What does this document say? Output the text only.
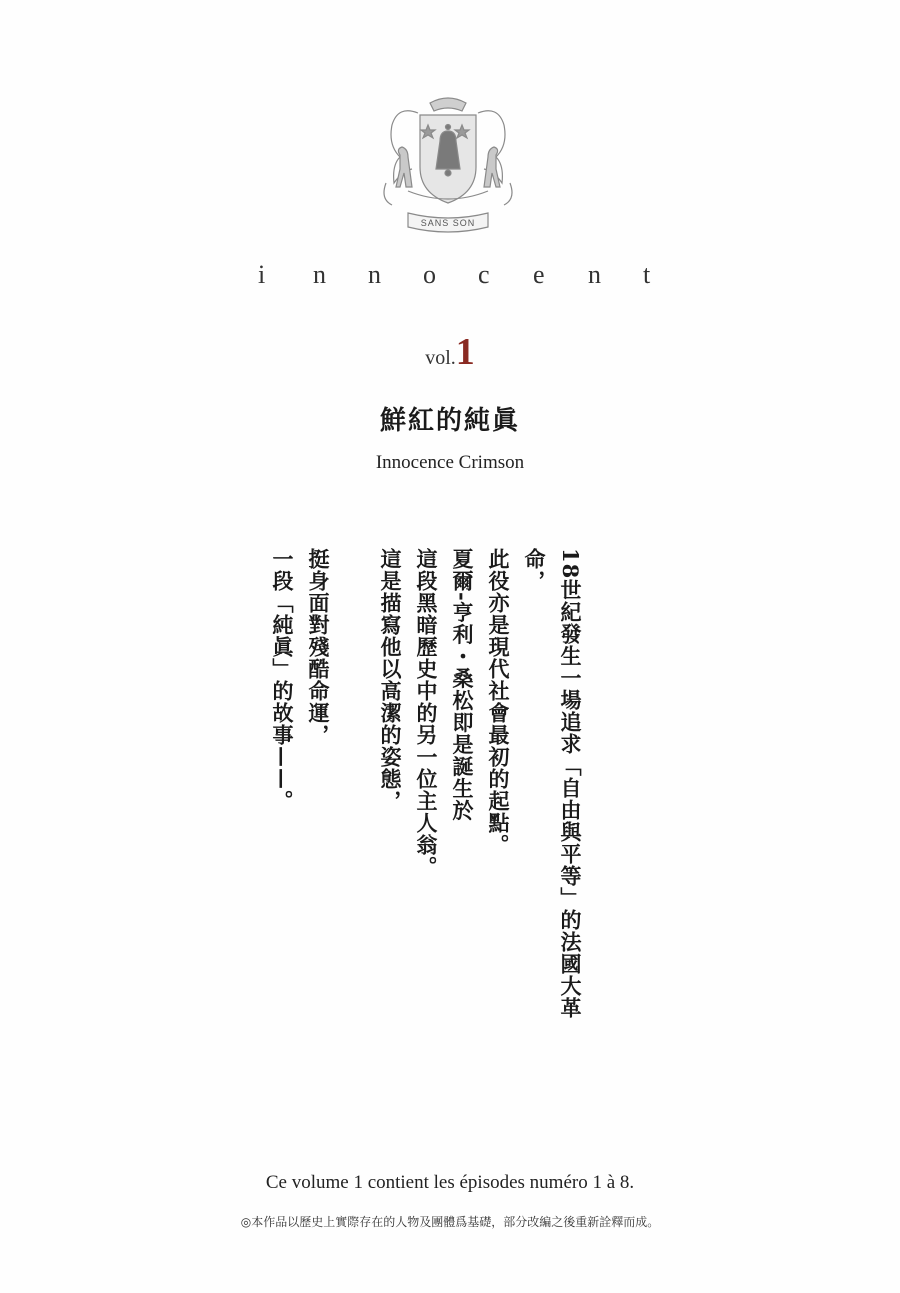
SANS SON
i	n	n	o	c	e	n	t
vol.1
鮮紅的純眞
Innocence Crimson
18世紀發生一場追求「自由與平等」的法國大革命，
此役亦是現代社會最初的起點。
夏爾-亨利・桑松即是誕生於
這段黑暗歷史中的另一位主人翁。
這是描寫他以高潔的姿態，
挺身面對殘酷命運，
一段「純眞」的故事——。
Ce volume 1 contient les épisodes numéro 1 à 8.
◎本作品以歷史上實際存在的人物及團體爲基礎，部分改編之後重新詮釋而成。
